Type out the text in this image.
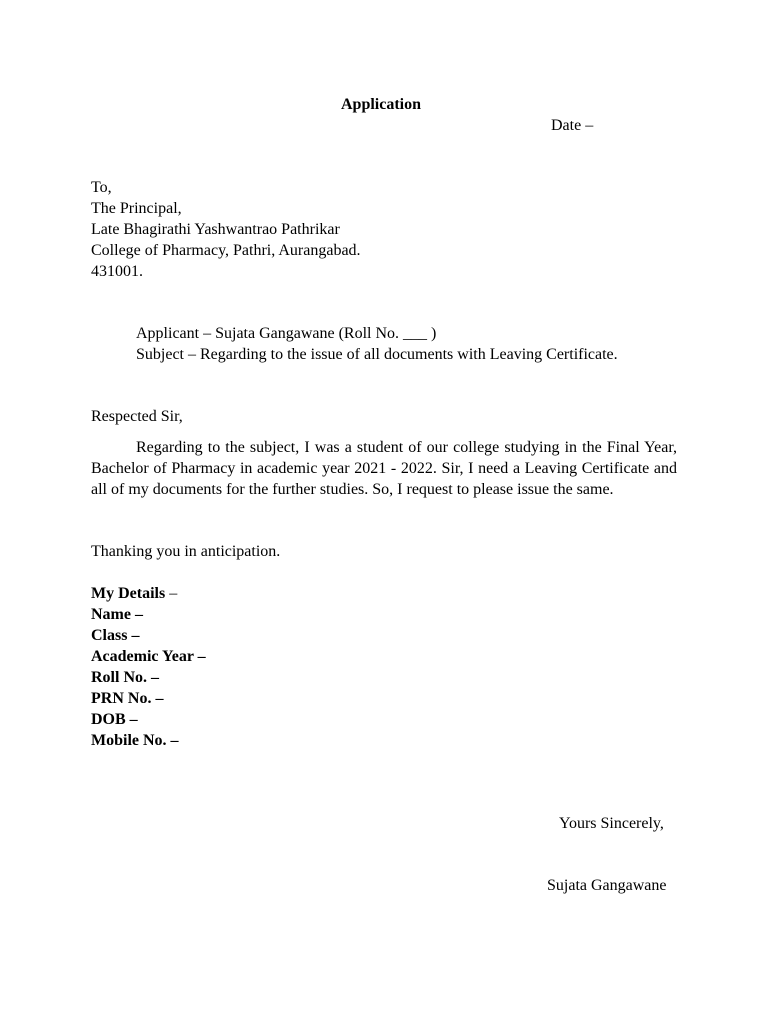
Application
Date –
To,
The Principal,
Late Bhagirathi Yashwantrao Pathrikar
College of Pharmacy, Pathri, Aurangabad.
431001.
Applicant – Sujata Gangawane (Roll No. ___ )
Subject – Regarding to the issue of all documents with Leaving Certificate.
Respected Sir,
Regarding to the subject, I was a student of our college studying in the Final Year, Bachelor of Pharmacy in academic year 2021 - 2022. Sir, I need a Leaving Certificate and all of my documents for the further studies. So, I request to please issue the same.
Thanking you in anticipation.
My Details –
Name –
Class –
Academic Year –
Roll No. –
PRN No. –
DOB –
Mobile No. –
Yours Sincerely,
Sujata Gangawane
